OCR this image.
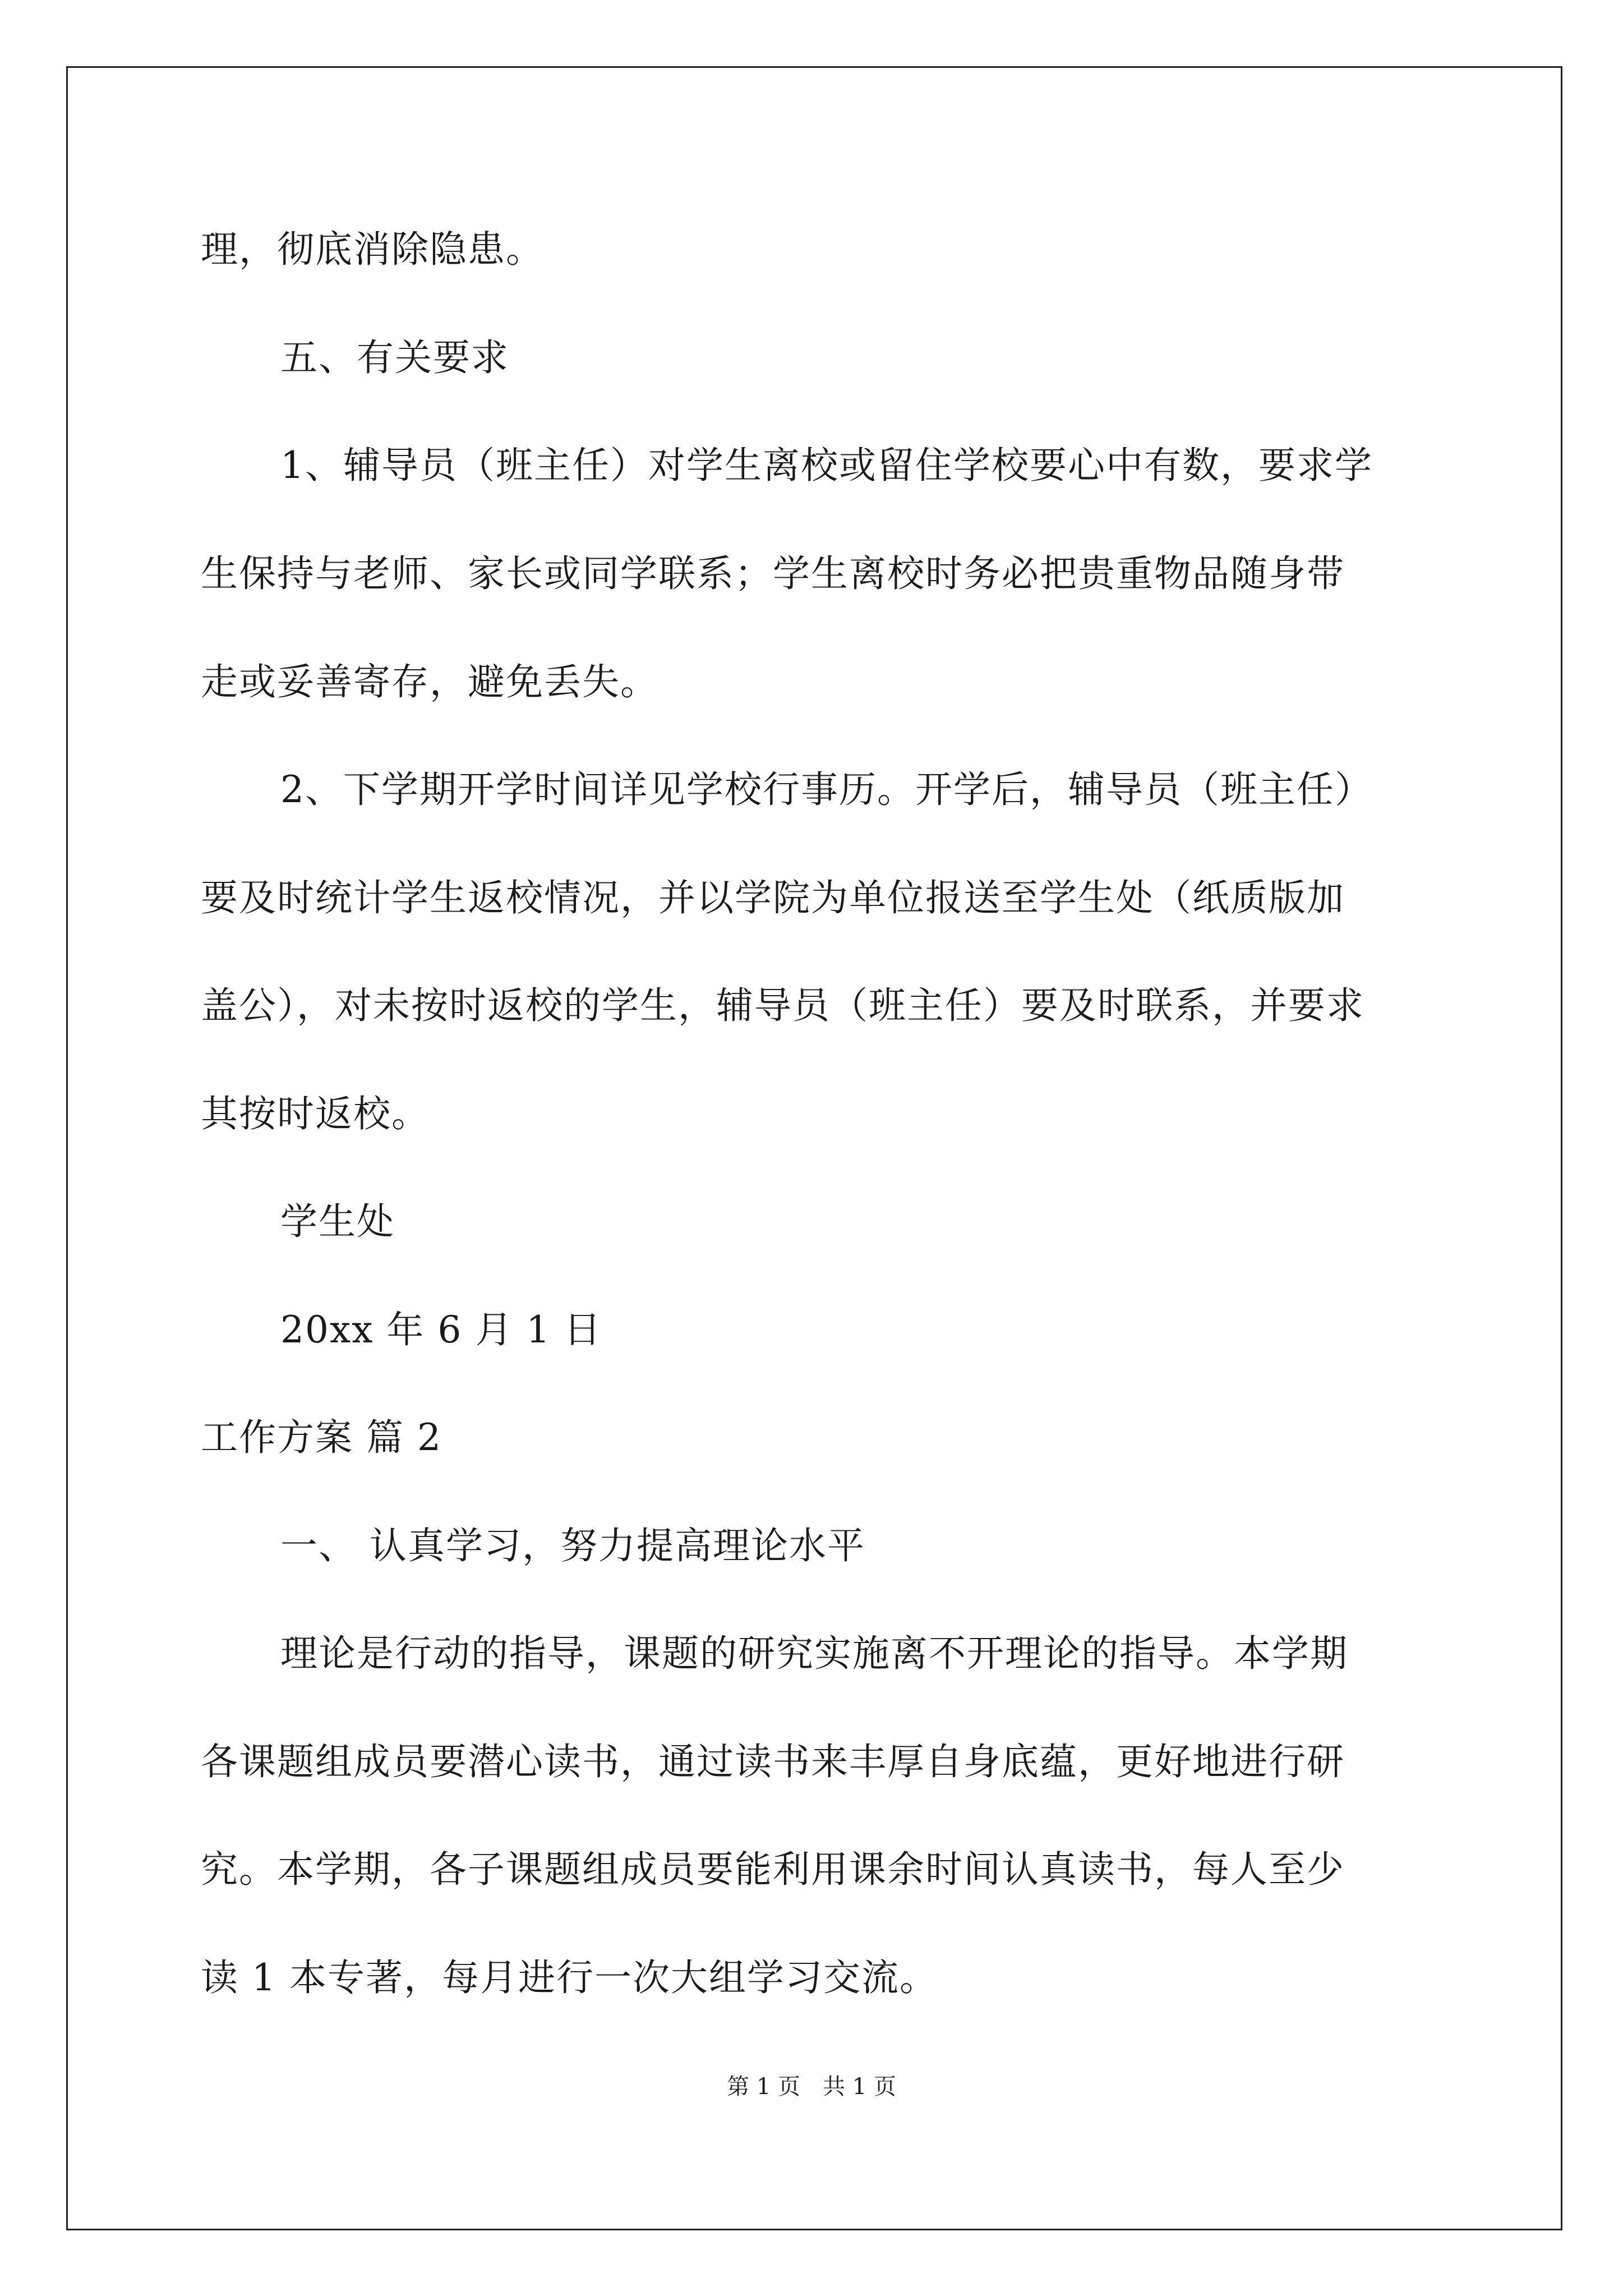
理，彻底消除隐患。
五、有关要求
1、辅导员（班主任）对学生离校或留住学校要心中有数，要求学
生保持与老师、家长或同学联系；学生离校时务必把贵重物品随身带
走或妥善寄存，避免丢失。
2、下学期开学时间详见学校行事历。开学后，辅导员（班主任）
要及时统计学生返校情况，并以学院为单位报送至学生处（纸质版加
盖公），对未按时返校的学生，辅导员（班主任）要及时联系，并要求
其按时返校。
学生处
20xx 年 6 月 1 日
工作方案 篇 2
一、 认真学习，努力提高理论水平
理论是行动的指导，课题的研究实施离不开理论的指导。本学期
各课题组成员要潜心读书，通过读书来丰厚自身底蕴，更好地进行研
究。本学期，各子课题组成员要能利用课余时间认真读书，每人至少
读 1 本专著，每月进行一次大组学习交流。
第 1 页 共 1 页
